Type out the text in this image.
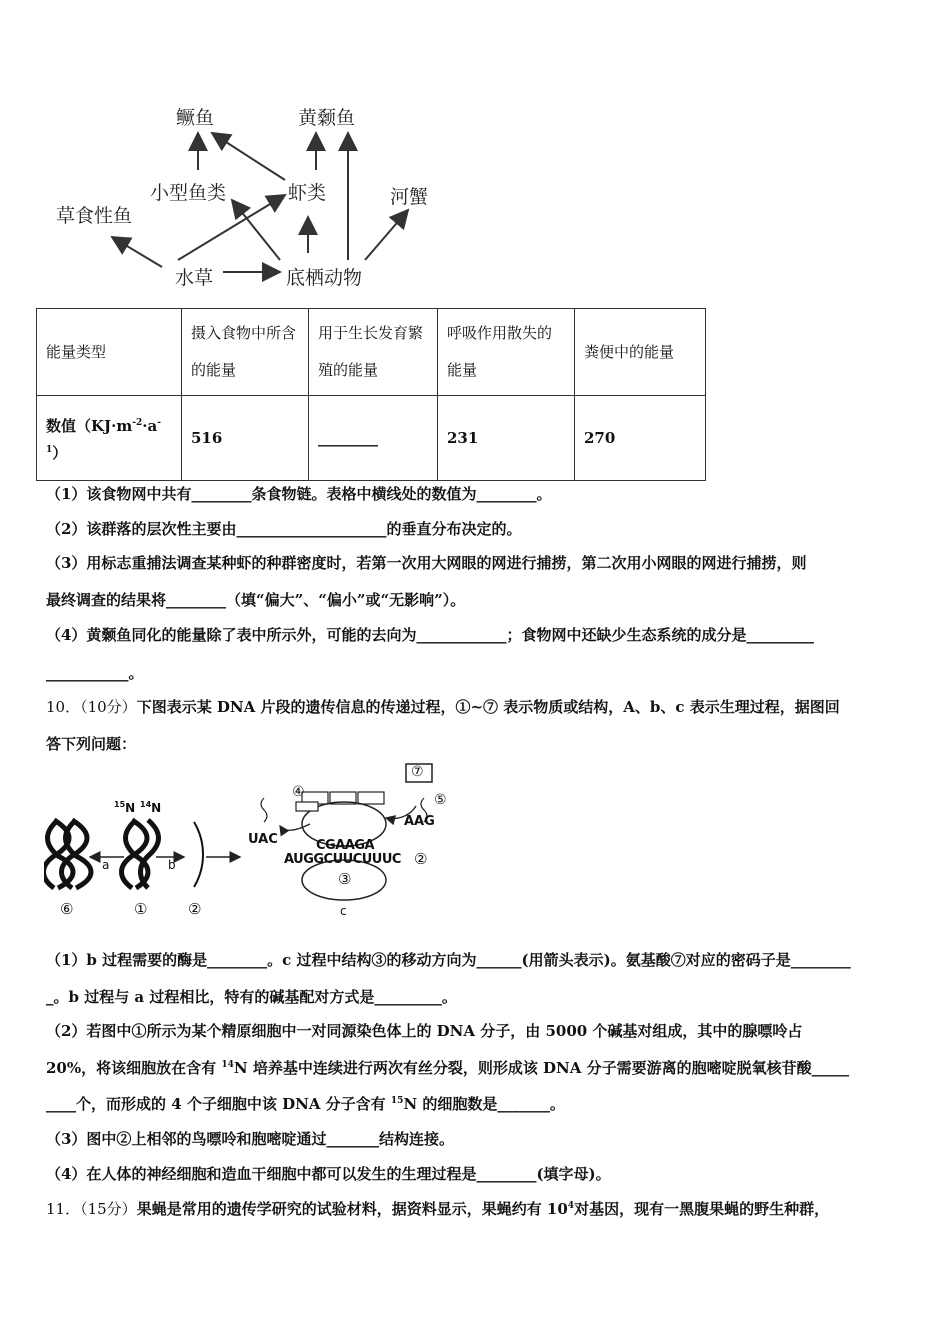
鳜鱼	黄颡鱼
小型鱼类	虾类	河蟹
草食性鱼
水草	底栖动物
能量类型	摄入食物中所含的能量	用于生长发育繁殖的能量	呼吸作用散失的能量	粪便中的能量
数值$(KJ\cdot m^{-2}\cdot a^{-1})$	516	________	231	270
（1）该食物网中共有________条食物链。表格中横线处的数值为________。
（2）该群落的层次性主要由____________________的垂直分布决定的。
（3）用标志重捕法调查某种虾的种群密度时，若第一次用大网眼的网进行捕捞，第二次用小网眼的网进行捕捞，则
最终调查的结果将________（填“偏大”、“偏小”或“无影响”）。
（4）黄颡鱼同化的能量除了表中所示外，可能的去向为____________；食物网中还缺少生态系统的成分是_________
___________。
10．（10分）下图表示某 DNA 片段的遗传信息的传递过程，①~⑦ 表示物质或结构，A、b、c 表示生理过程，据图回
答下列问题：
$^{15}$N $^{14}$N
a	b
c
⑥	①	②
④
⑦
⑤
UAC
AAG
CGAAGA
AUGGCUUCUUUC ②
③
（1）b 过程需要的酶是________。c 过程中结构③的移动方向为______(用箭头表示)。氨基酸⑦对应的密码子是________
_。b 过程与 a 过程相比，特有的碱基配对方式是_________。
（2）若图中①所示为某个精原细胞中一对同源染色体上的 DNA 分子，由 5000 个碱基对组成，其中的腺嘌呤占
20%，将该细胞放在含有 $^{14}$N 培养基中连续进行两次有丝分裂，则形成该 DNA 分子需要游离的胞嘧啶脱氧核苷酸_____
____个，而形成的 4 个子细胞中该 DNA 分子含有 $^{15}$N 的细胞数是_______。
（3）图中②上相邻的鸟嘌呤和胞嘧啶通过_______结构连接。
（4）在人体的神经细胞和造血干细胞中都可以发生的生理过程是________(填字母)。
11．（15分）果蝇是常用的遗传学研究的试验材料，据资料显示，果蝇约有 $10^4$对基因，现有一黑腹果蝇的野生种群，
